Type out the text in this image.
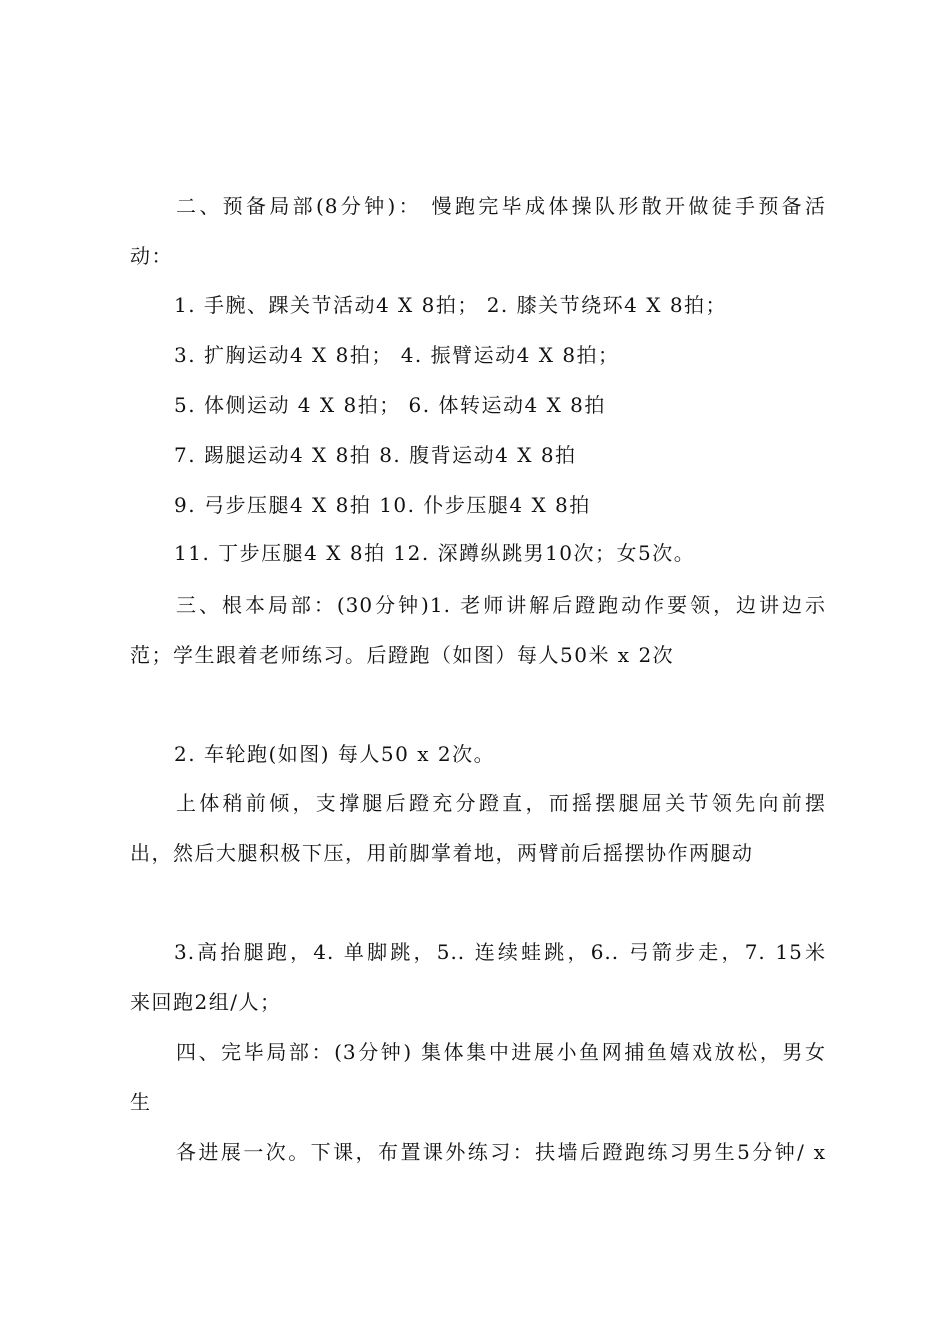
二、预备局部(8分钟)： 慢跑完毕成体操队形散开做徒手预备活
动：
1. 手腕、踝关节活动4 X 8拍； 2. 膝关节绕环4 X 8拍；
3. 扩胸运动4 X 8拍； 4. 振臂运动4 X 8拍；
5. 体侧运动 4 X 8拍； 6. 体转运动4 X 8拍
7. 踢腿运动4 X 8拍 8. 腹背运动4 X 8拍
9. 弓步压腿4 X 8拍 10. 仆步压腿4 X 8拍
11. 丁步压腿4 X 8拍 12. 深蹲纵跳男10次；女5次。
三、根本局部：(30分钟)1. 老师讲解后蹬跑动作要领，边讲边示
范；学生跟着老师练习。后蹬跑（如图）每人50米 x 2次
2. 车轮跑(如图) 每人50 x 2次。
上体稍前倾，支撑腿后蹬充分蹬直，而摇摆腿屈关节领先向前摆
出，然后大腿积极下压，用前脚掌着地，两臂前后摇摆协作两腿动
3.高抬腿跑，4. 单脚跳，5.. 连续蛙跳，6.. 弓箭步走，7. 15米
来回跑2组/人；
四、完毕局部：(3分钟) 集体集中进展小鱼网捕鱼嬉戏放松，男女
生
各进展一次。下课，布置课外练习：扶墙后蹬跑练习男生5分钟/ x
